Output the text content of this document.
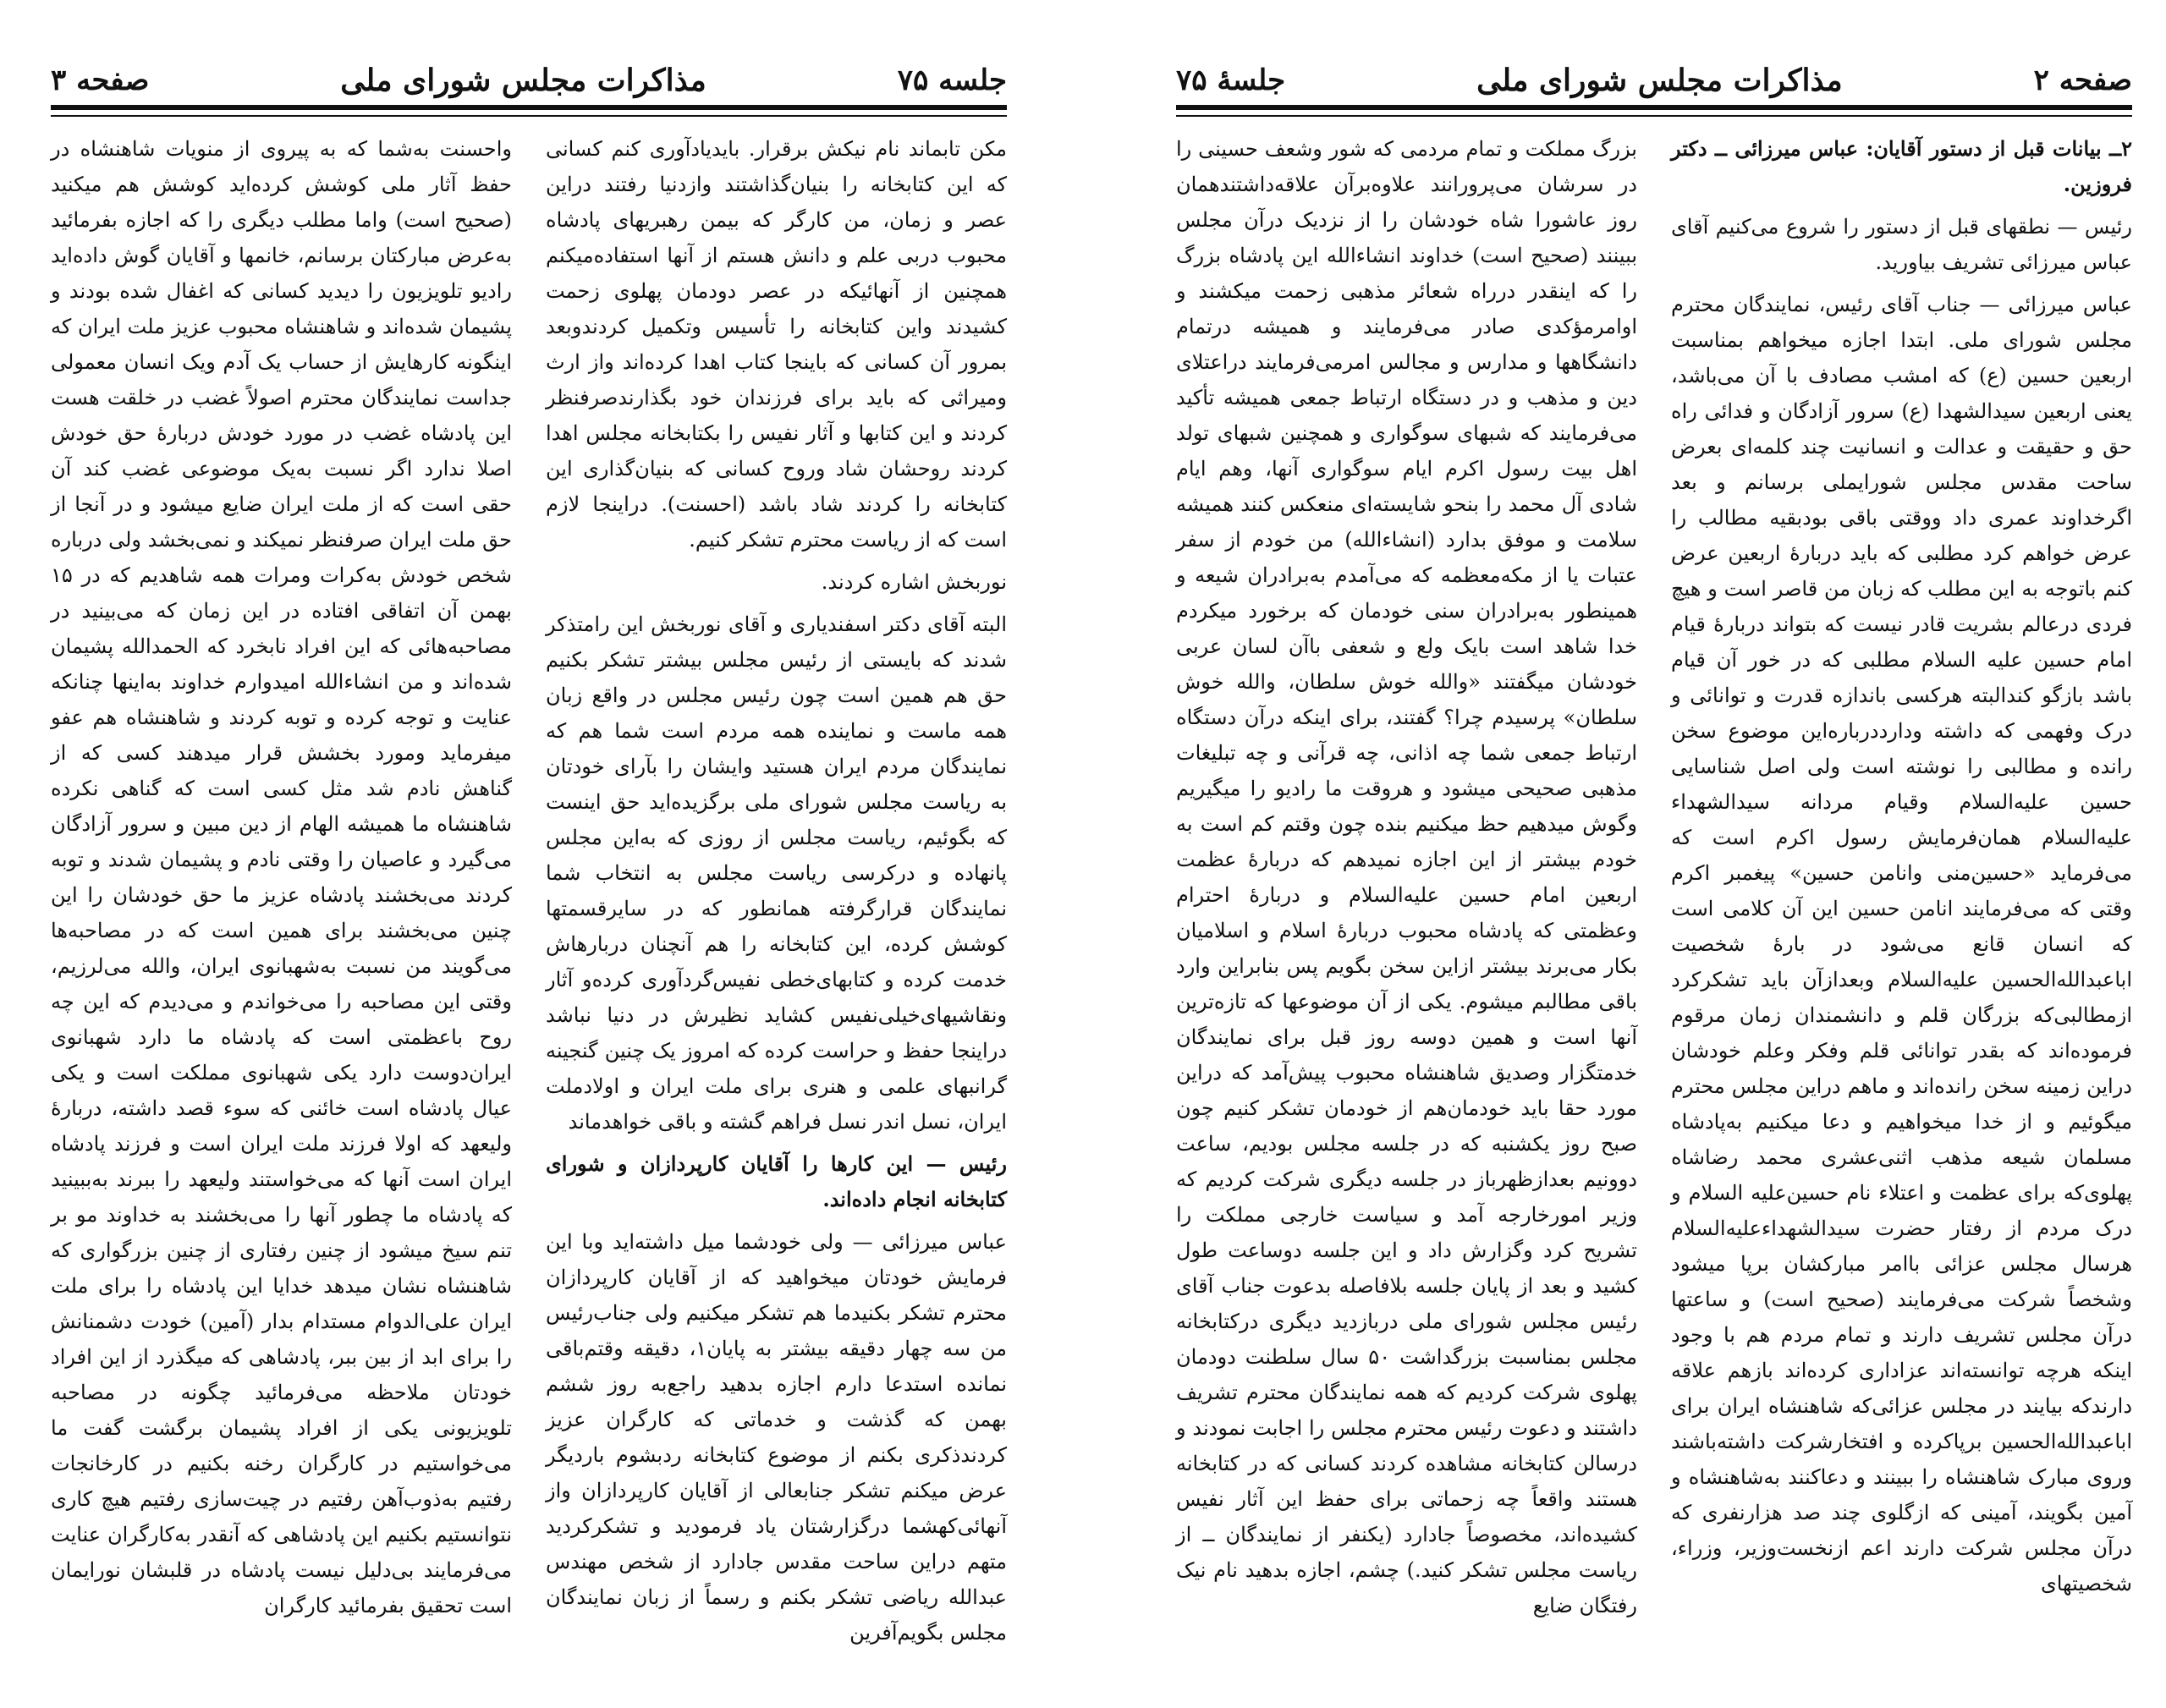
صفحه ۳	مذاکرات مجلس شورای ملی	جلسه ۷۵

واحسنت به‌شما که به پیروی از منویات شاهنشاه در حفظ آثار ملی کوشش کرده‌اید کوشش هم میکنید (صحیح است) واما مطلب دیگری را که اجازه بفرمائید به‌عرض مبارکتان برسانم، خانمها و آقایان گوش داده‌اید رادیو تلویزیون را دیدید کسانی که اغفال شده بودند و پشیمان شده‌اند و شاهنشاه محبوب عزیز ملت ایران که اینگونه کارهایش از حساب یک آدم ویک انسان معمولی جداست نمایندگان محترم اصولاً غضب در خلقت هست این پادشاه غضب در مورد خودش دربارهٔ حق خودش اصلا ندارد اگر نسبت به‌یک موضوعی غضب کند آن حقی است که از ملت ایران ضایع میشود و در آنجا از حق ملت ایران صرفنظر نمیکند و نمی‌بخشد ولی درباره شخص خودش به‌کرات ومرات همه شاهدیم که در ۱۵ بهمن آن اتفاقی افتاده در این زمان که می‌بینید در مصاحبه‌هائی که این افراد نابخرد که الحمدالله پشیمان شده‌اند و من انشاءالله امیدوارم خداوند به‌اینها چنانکه عنایت و توجه کرده و توبه کردند و شاهنشاه هم عفو میفرماید ومورد بخشش قرار میدهند کسی که از گناهش نادم شد مثل کسی است که گناهی نکرده شاهنشاه ما همیشه الهام از دین مبین و سرور آزادگان می‌گیرد و عاصیان را وقتی نادم و پشیمان شدند و توبه کردند می‌بخشند پادشاه عزیز ما حق خودشان را این چنین می‌بخشند برای همین است که در مصاحبه‌ها می‌گویند من نسبت به‌شهبانوی ایران، والله می‌لرزیم، وقتی این مصاحبه را می‌خواندم و می‌دیدم که این چه روح باعظمتی است که پادشاه ما دارد شهبانوی ایران‌دوست دارد یکی شهبانوی مملکت است و یکی عیال پادشاه است خائنی که سوء قصد داشته، دربارهٔ ولیعهد که اولا فرزند ملت ایران است و فرزند پادشاه ایران است آنها که می‌خواستند ولیعهد را ببرند به‌ببینید که پادشاه ما چطور آنها را می‌بخشند به خداوند مو بر تنم سیخ میشود از چنین رفتاری از چنین بزرگواری که شاهنشاه نشان میدهد خدایا این پادشاه را برای ملت ایران علی‌الدوام مستدام بدار (آمین) خودت دشمنانش را برای ابد از بین ببر، پادشاهی که میگذرد از این افراد خودتان ملاحظه می‌فرمائید چگونه در مصاحبه تلویزیونی یکی از افراد پشیمان برگشت گفت ما می‌خواستیم در کارگران رخنه بکنیم در کارخانجات رفتیم به‌ذوب‌آهن رفتیم در چیت‌سازی رفتیم هیچ کاری نتوانستیم بکنیم این پادشاهی که آنقدر به‌کارگران عنایت می‌فرمایند بی‌دلیل نیست پادشاه در قلبشان نورایمان است تحقیق بفرمائید کارگران

مکن تابماند نام نیکش برقرار. بایدیادآوری کنم کسانی که این کتابخانه را بنیان‌گذاشتند وازدنیا رفتند دراین عصر و زمان، من کارگر که بیمن رهبریهای پادشاه محبوب دربی علم و دانش هستم از آنها استفاده‌میکنم همچنین از آنهائیکه در عصر دودمان پهلوی زحمت کشیدند واین کتابخانه را تأسیس وتکمیل کردندوبعد بمرور آن کسانی که باینجا کتاب اهدا کرده‌اند واز ارث ومیراثی که باید برای فرزندان خود بگذارندصرفنظر کردند و این کتابها و آثار نفیس را بکتابخانه مجلس اهدا کردند روحشان شاد وروح کسانی که بنیان‌گذاری این کتابخانه را کردند شاد باشد (احسنت). دراینجا لازم است که از ریاست محترم تشکر کنیم.

نوربخش اشاره کردند.

البته آقای دکتر اسفندیاری و آقای نوربخش این رامتذکر شدند که بایستی از رئیس مجلس بیشتر تشکر بکنیم حق هم همین است چون رئیس مجلس در واقع زبان همه ماست و نماینده همه مردم است شما هم که نمایندگان مردم ایران هستید وایشان را بآرای خودتان به ریاست مجلس شورای ملی برگزیده‌اید حق اینست که بگوئیم، ریاست مجلس از روزی که به‌این مجلس پانهاده و درکرسی ریاست مجلس به انتخاب شما نمایندگان قرارگرفته همانطور که در سایرقسمتها کوشش کرده، این کتابخانه را هم آنچنان دربارهاش خدمت کرده و کتابهای‌خطی نفیس‌گردآوری کرده‌و آثار ونقاشیهای‌خیلی‌نفیس کشاید نظیرش در دنیا نباشد دراینجا حفظ و حراست کرده که امروز یک چنین گنجینه گرانبهای علمی و هنری برای ملت ایران و اولادملت ایران، نسل اندر نسل فراهم گشته و باقی خواهدماند

رئیس — این کارها را آقایان کارپردازان و شورای کتابخانه انجام داده‌اند.

عباس میرزائی — ولی خودشما میل داشته‌اید وبا این فرمایش خودتان میخواهید که از آقایان کارپردازان محترم تشکر بکنیدما هم تشکر میکنیم ولی جناب‌رئیس من سه چهار دقیقه بیشتر به پایان۱، دقیقه وقتم‌باقی نمانده استدعا دارم اجازه بدهید راجع‌به روز ششم بهمن که گذشت و خدماتی که کارگران عزیز کردندذکری بکنم از موضوع کتابخانه ردبشوم باردیگر عرض میکنم تشکر جنابعالی از آقایان کارپردازان واز آنهائی‌کهشما درگزارشتان یاد فرمودید و تشکرکردید متهم دراین ساحت مقدس جادارد از شخص مهندس عبدالله ریاضی تشکر بکنم و رسماً از زبان نمایندگان مجلس بگویم‌آفرین

جلسهٔ ۷۵	مذاکرات مجلس شورای ملی	صفحه ۲

بزرگ مملکت و تمام مردمی که شور وشعف حسینی را در سرشان می‌پرورانند علاوه‌برآن علاقه‌داشتندهمان روز عاشورا شاه خودشان را از نزدیک درآن مجلس ببینند (صحیح است) خداوند انشاءالله این پادشاه بزرگ را که اینقدر درراه شعائر مذهبی زحمت میکشند و اوامرمؤکدی صادر می‌فرمایند و همیشه درتمام دانشگاهها و مدارس و مجالس امرمی‌فرمایند دراعتلای دین و مذهب و در دستگاه ارتباط جمعی همیشه تأکید می‌فرمایند که شبهای سوگواری و همچنین شبهای تولد اهل بیت رسول اکرم ایام سوگواری آنها، وهم ایام شادی آل محمد را بنحو شایسته‌ای منعکس کنند همیشه سلامت و موفق بدارد (انشاءالله) من خودم از سفر عتبات یا از مکه‌معظمه که می‌آمدم به‌برادران شیعه و همینطور به‌برادران سنی خودمان که برخورد میکردم خدا شاهد است بایک ولع و شعفی باآن لسان عربی خودشان میگفتند «والله خوش سلطان، والله خوش سلطان» پرسیدم چرا؟ گفتند، برای اینکه درآن دستگاه ارتباط جمعی شما چه اذانی، چه قرآنی و چه تبلیغات مذهبی صحیحی میشود و هروقت ما رادیو را میگیریم وگوش میدهیم حظ میکنیم بنده چون وقتم کم است به خودم بیشتر از این اجازه نمیدهم که دربارهٔ عظمت اربعین امام حسین علیه‌السلام و دربارهٔ احترام وعظمتی که پادشاه محبوب دربارهٔ اسلام و اسلامیان بکار می‌برند بیشتر ازاین سخن بگویم پس بنابراین وارد باقی مطالبم میشوم. یکی از آن موضوعها که تازه‌ترین آنها است و همین دوسه روز قبل برای نمایندگان خدمتگزار وصدیق شاهنشاه محبوب پیش‌آمد که دراین مورد حقا باید خودمان‌هم از خودمان تشکر کنیم چون صبح روز یکشنبه که در جلسه مجلس بودیم، ساعت دوونیم بعدازظهرباز در جلسه دیگری شرکت کردیم که وزیر امورخارجه آمد و سیاست خارجی مملکت را تشریح کرد وگزارش داد و این جلسه دوساعت طول کشید و بعد از پایان جلسه بلافاصله بدعوت جناب آقای رئیس مجلس شورای ملی دربازدید دیگری درکتابخانه مجلس بمناسبت بزرگداشت ۵۰ سال سلطنت دودمان پهلوی شرکت کردیم که همه نمایندگان محترم تشریف داشتند و دعوت رئیس محترم مجلس را اجابت نمودند و درسالن کتابخانه مشاهده کردند کسانی که در کتابخانه هستند واقعاً چه زحماتی برای حفظ این آثار نفیس کشیده‌اند، مخصوصاً جادارد (یکنفر از نمایندگان ــ از ریاست مجلس تشکر کنید.) چشم، اجازه بدهید نام نیک رفتگان ضایع

۲ــ بیانات قبل از دستور آقایان: عباس میرزائی ــ دکتر فروزین.

رئیس — نطقهای قبل از دستور را شروع می‌کنیم آقای عباس میرزائی تشریف بیاورید.

عباس میرزائی — جناب آقای رئیس، نمایندگان محترم مجلس شورای ملی. ابتدا اجازه میخواهم بمناسبت اربعین حسین (ع) که امشب مصادف با آن می‌باشد، یعنی اربعین سیدالشهدا (ع) سرور آزادگان و فدائی راه حق و حقیقت و عدالت و انسانیت چند کلمه‌ای بعرض ساحت مقدس مجلس شورایملی برسانم و بعد اگرخداوند عمری داد ووقتی باقی بودبقیه مطالب را عرض خواهم کرد مطلبی که باید دربارهٔ اربعین عرض کنم باتوجه به این مطلب که زبان من قاصر است و هیچ فردی درعالم بشریت قادر نیست که بتواند دربارهٔ قیام امام حسین علیه السلام مطلبی که در خور آن قیام باشد بازگو کندالبته هرکسی باندازه قدرت و توانائی و درک وفهمی که داشته ودارددرباره‌این موضوع سخن رانده و مطالبی را نوشته است ولی اصل شناسایی حسین علیه‌السلام وقیام مردانه سیدالشهداء علیه‌السلام همان‌فرمایش رسول اکرم است که می‌فرماید «حسین‌منی وانامن حسین» پیغمبر اکرم وقتی که می‌فرمایند انامن حسین این آن کلامی است که انسان قانع می‌شود در بارهٔ شخصیت اباعبدالله‌الحسین علیه‌السلام وبعدازآن باید تشکرکرد ازمطالبی‌که بزرگان قلم و دانشمندان زمان مرقوم فرموده‌اند که بقدر توانائی قلم وفکر وعلم خودشان دراین زمینه سخن رانده‌اند و ماهم دراین مجلس محترم میگوئیم و از خدا میخواهیم و دعا میکنیم به‌پادشاه مسلمان شیعه مذهب اثنی‌عشری محمد رضاشاه پهلوی‌که برای عظمت و اعتلاء نام حسین‌علیه السلام و درک مردم از رفتار حضرت سیدالشهداءعلیه‌السلام هرسال مجلس عزائی باامر مبارکشان برپا میشود وشخصاً شرکت می‌فرمایند (صحیح است) و ساعتها درآن مجلس تشریف دارند و تمام مردم هم با وجود اینکه هرچه توانسته‌اند عزاداری کرده‌اند بازهم علاقه دارندکه بیایند در مجلس عزائی‌که شاهنشاه ایران برای اباعبدالله‌الحسین برپاکرده و افتخارشرکت داشته‌باشند وروی مبارک شاهنشاه را ببینند و دعاکنند به‌شاهنشاه و آمین بگویند، آمینی که ازگلوی چند صد هزارنفری که درآن مجلس شرکت دارند اعم ازنخست‌وزیر، وزراء، شخصیتهای
